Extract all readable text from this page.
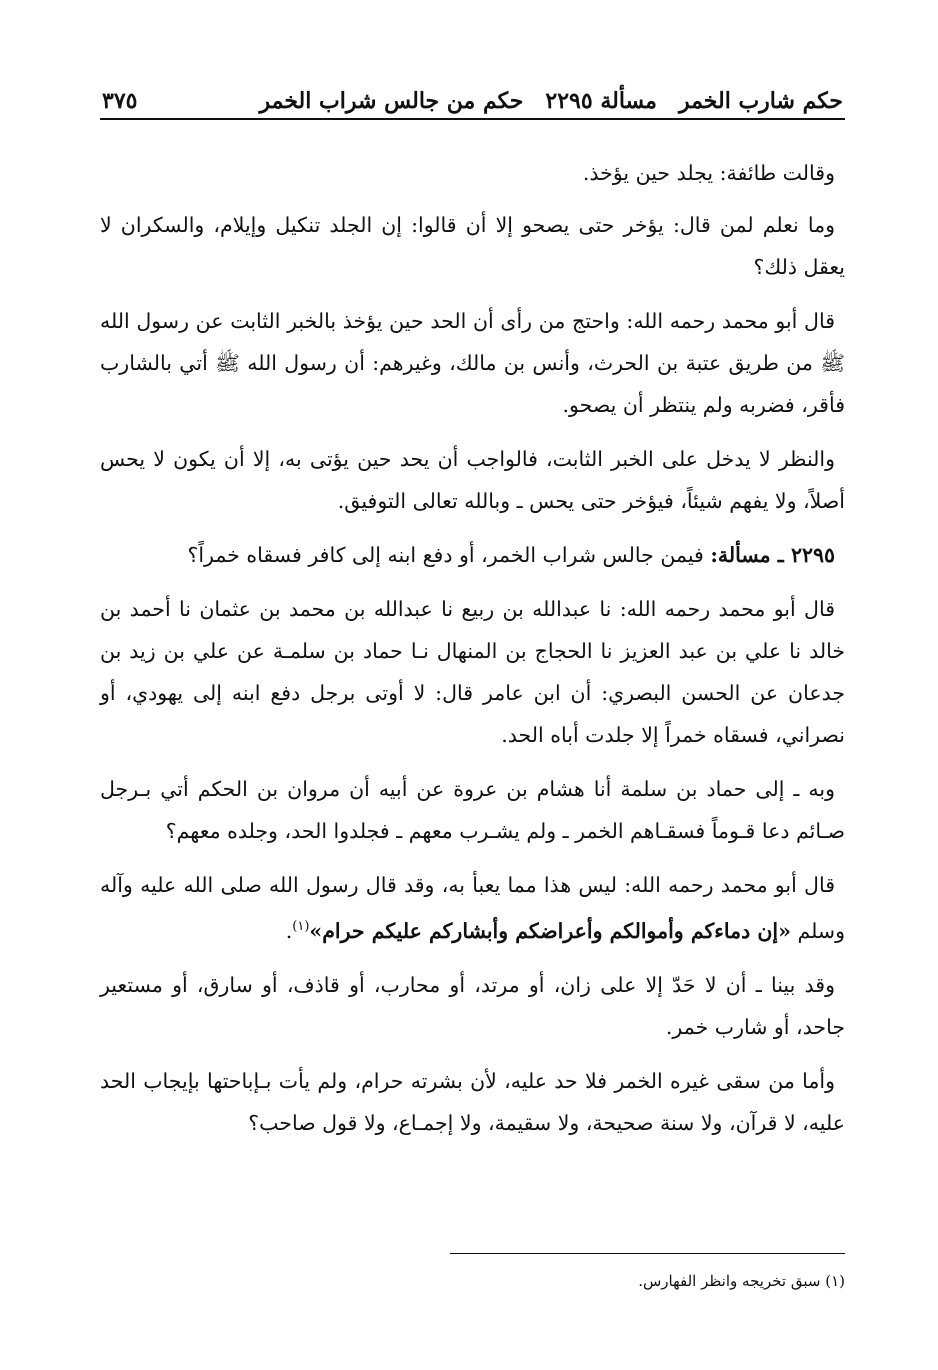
حكم شارب الخمر
مسألة ٢٢٩٥
حكم من جالس شراب الخمر
٣٧٥

وقالت طائفة: يجلد حين يؤخذ.

وما نعلم لمن قال: يؤخر حتى يصحو إلا أن قالوا: إن الجلد تنكيل وإيلام، والسكران لا يعقل ذلك؟

قال أبو محمد رحمه الله: واحتج من رأى أن الحد حين يؤخذ بالخبر الثابت عن رسول الله ﷺ من طريق عتبة بن الحرث، وأنس بن مالك، وغيرهم: أن رسول الله ﷺ أتي بالشارب فأقر، فضربه ولم ينتظر أن يصحو.

والنظر لا يدخل على الخبر الثابت، فالواجب أن يحد حين يؤتى به، إلا أن يكون لا يحس أصلاً، ولا يفهم شيئاً، فيؤخر حتى يحس ـ وبالله تعالى التوفيق.

٢٢٩٥ ـ مسألة: فيمن جالس شراب الخمر، أو دفع ابنه إلى كافر فسقاه خمراً؟

قال أبو محمد رحمه الله: نا عبدالله بن ربيع نا عبدالله بن محمد بن عثمان نا أحمد بن خالد نا علي بن عبد العزيز نا الحجاج بن المنهال نـا حماد بن سلمـة عن علي بن زيد بن جدعان عن الحسن البصري: أن ابن عامر قال: لا أوتى برجل دفع ابنه إلى يهودي، أو نصراني، فسقاه خمراً إلا جلدت أباه الحد.

وبه ـ إلى حماد بن سلمة أنا هشام بن عروة عن أبيه أن مروان بن الحكم أتي بـرجل صـائم دعا قـوماً فسقـاهم الخمر ـ ولم يشـرب معهم ـ فجلدوا الحد، وجلده معهم؟

قال أبو محمد رحمه الله: ليس هذا مما يعبأ به، وقد قال رسول الله صلى الله عليه وآله وسلم «إن دماءكم وأموالكم وأعراضكم وأبشاركم عليكم حرام»$^{(١)}$.

وقد بينا ـ أن لا حَدّ إلا على زان، أو مرتد، أو محارب، أو قاذف، أو سارق، أو مستعير جاحد، أو شارب خمر.

وأما من سقى غيره الخمر فلا حد عليه، لأن بشرته حرام، ولم يأت بـإباحتها بإيجاب الحد عليه، لا قرآن، ولا سنة صحيحة، ولا سقيمة، ولا إجمـاع، ولا قول صاحب؟

(١) سبق تخريجه وانظر الفهارس.
